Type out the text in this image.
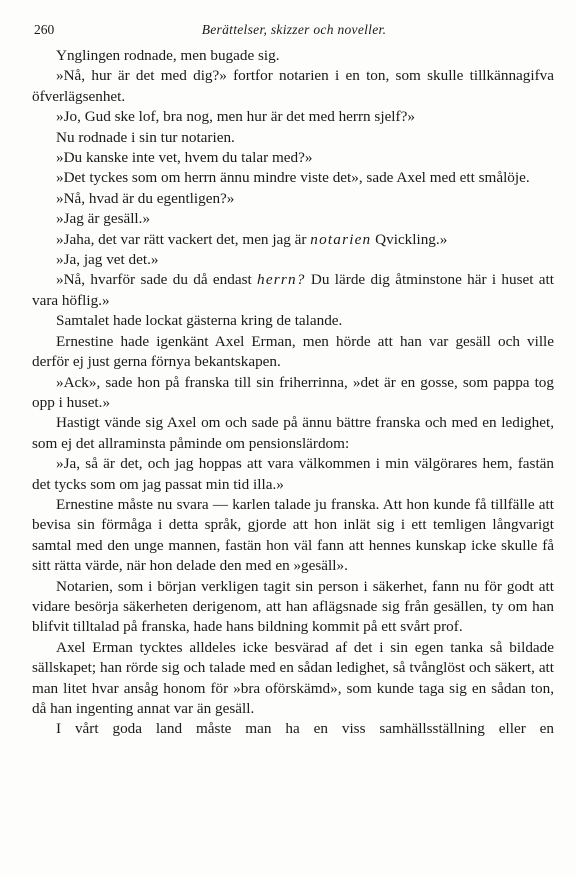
260	Berättelser, skizzer och noveller.

Ynglingen rodnade, men bugade sig.

»Nå, hur är det med dig?» fortfor notarien i en ton, som skulle tillkännagifva öfverlägsenhet.

»Jo, Gud ske lof, bra nog, men hur är det med herrn sjelf?»

Nu rodnade i sin tur notarien.

»Du kanske inte vet, hvem du talar med?»

»Det tyckes som om herrn ännu mindre viste det», sade Axel med ett smålöje.

»Nå, hvad är du egentligen?»

»Jag är gesäll.»

»Jaha, det var rätt vackert det, men jag är notarien Qvickling.»

»Ja, jag vet det.»

»Nå, hvarför sade du då endast herrn? Du lärde dig åtminstone här i huset att vara höflig.»

Samtalet hade lockat gästerna kring de talande.

Ernestine hade igenkänt Axel Erman, men hörde att han var gesäll och ville derför ej just gerna förnya bekantskapen.

»Ack», sade hon på franska till sin friherrinna, »det är en gosse, som pappa tog opp i huset.»

Hastigt vände sig Axel om och sade på ännu bättre franska och med en ledighet, som ej det allraminsta påminde om pensionslärdom:

»Ja, så är det, och jag hoppas att vara välkommen i min välgörares hem, fastän det tycks som om jag passat min tid illa.»

Ernestine måste nu svara — karlen talade ju franska. Att hon kunde få tillfälle att bevisa sin förmåga i detta språk, gjorde att hon inlät sig i ett temligen långvarigt samtal med den unge mannen, fastän hon väl fann att hennes kunskap icke skulle få sitt rätta värde, när hon delade den med en »gesäll».

Notarien, som i början verkligen tagit sin person i säkerhet, fann nu för godt att vidare besörja säkerheten derigenom, att han aflägsnade sig från gesällen, ty om han blifvit tilltalad på franska, hade hans bildning kommit på ett svårt prof.

Axel Erman tycktes alldeles icke besvärad af det i sin egen tanka så bildade sällskapet; han rörde sig och talade med en sådan ledighet, så tvånglöst och säkert, att man litet hvar ansåg honom för »bra oförskämd», som kunde taga sig en sådan ton, då han ingenting annat var än gesäll.

I vårt goda land måste man ha en viss samhällsställning eller en
